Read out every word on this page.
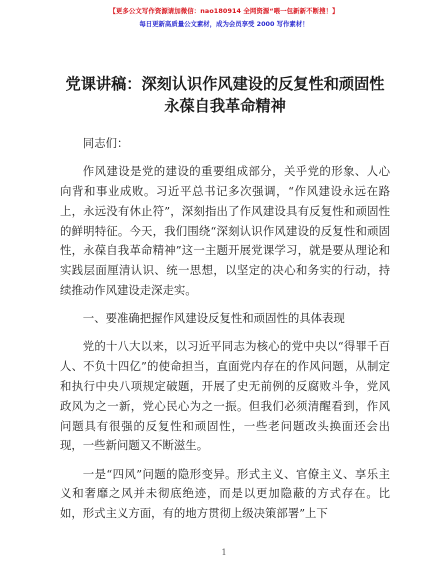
【更多公文写作资源请加微信：nao180914 全网资源“喂一包新新不断搜！】
每日更新高质量公文素材，成为会员享受 2000 写作素材！
党课讲稿：深刻认识作风建设的反复性和顽固性永葆自我革命精神

同志们：

作风建设是党的建设的重要组成部分，关乎党的形象、人心向背和事业成败。习近平总书记多次强调，“作风建设永远在路上，永远没有休止符”，深刻指出了作风建设具有反复性和顽固性的鲜明特征。今天，我们围绕“深刻认识作风建设的反复性和顽固性，永葆自我革命精神”这一主题开展党课学习，就是要从理论和实践层面厘清认识、统一思想，以坚定的决心和务实的行动，持续推动作风建设走深走实。

一、要准确把握作风建设反复性和顽固性的具体表现

党的十八大以来，以习近平同志为核心的党中央以“得罪千百人、不负十四亿”的使命担当，直面党内存在的作风问题，从制定和执行中央八项规定破题，开展了史无前例的反腐败斗争，党风政风为之一新，党心民心为之一振。但我们必须清醒看到，作风问题具有很强的反复性和顽固性，一些老问题改头换面还会出现，一些新问题又不断滋生。

一是“四风”问题的隐形变异。形式主义、官僚主义、享乐主义和奢靡之风并未彻底绝迹，而是以更加隐蔽的方式存在。比如，形式主义方面，有的地方贯彻上级决策部署”上下

1
